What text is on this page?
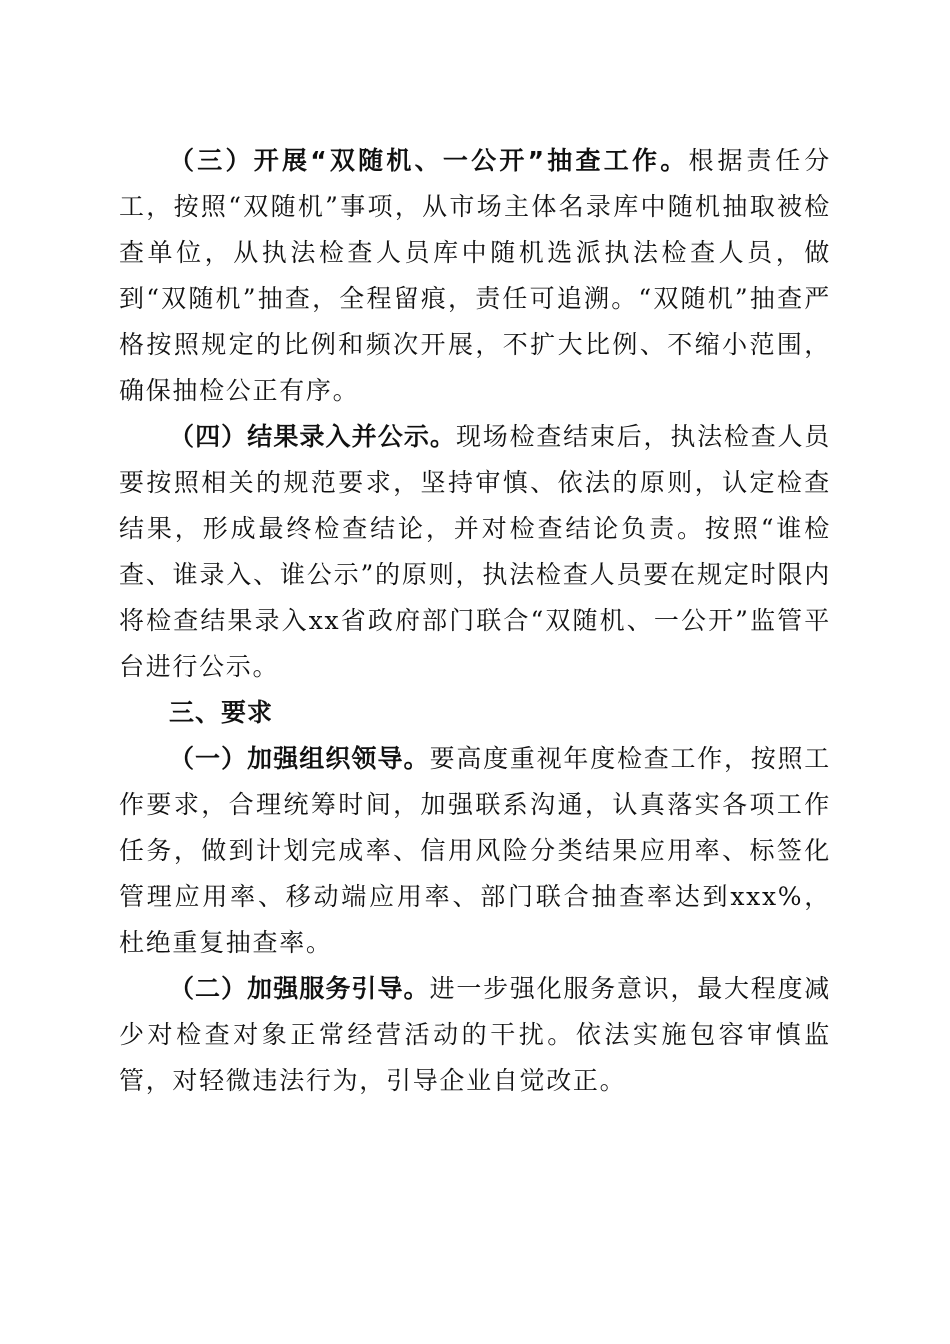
（三）开展“双随机、一公开”抽查工作。根据责任分工，按照“双随机”事项，从市场主体名录库中随机抽取被检查单位，从执法检查人员库中随机选派执法检查人员，做到“双随机”抽查，全程留痕，责任可追溯。“双随机”抽查严格按照规定的比例和频次开展，不扩大比例、不缩小范围，确保抽检公正有序。

（四）结果录入并公示。现场检查结束后，执法检查人员要按照相关的规范要求，坚持审慎、依法的原则，认定检查结果，形成最终检查结论，并对检查结论负责。按照“谁检查、谁录入、谁公示”的原则，执法检查人员要在规定时限内将检查结果录入xx省政府部门联合“双随机、一公开”监管平台进行公示。

三、要求

（一）加强组织领导。要高度重视年度检查工作，按照工作要求，合理统筹时间，加强联系沟通，认真落实各项工作任务，做到计划完成率、信用风险分类结果应用率、标签化管理应用率、移动端应用率、部门联合抽查率达到xxx%，杜绝重复抽查率。

（二）加强服务引导。进一步强化服务意识，最大程度减少对检查对象正常经营活动的干扰。依法实施包容审慎监管，对轻微违法行为，引导企业自觉改正。
